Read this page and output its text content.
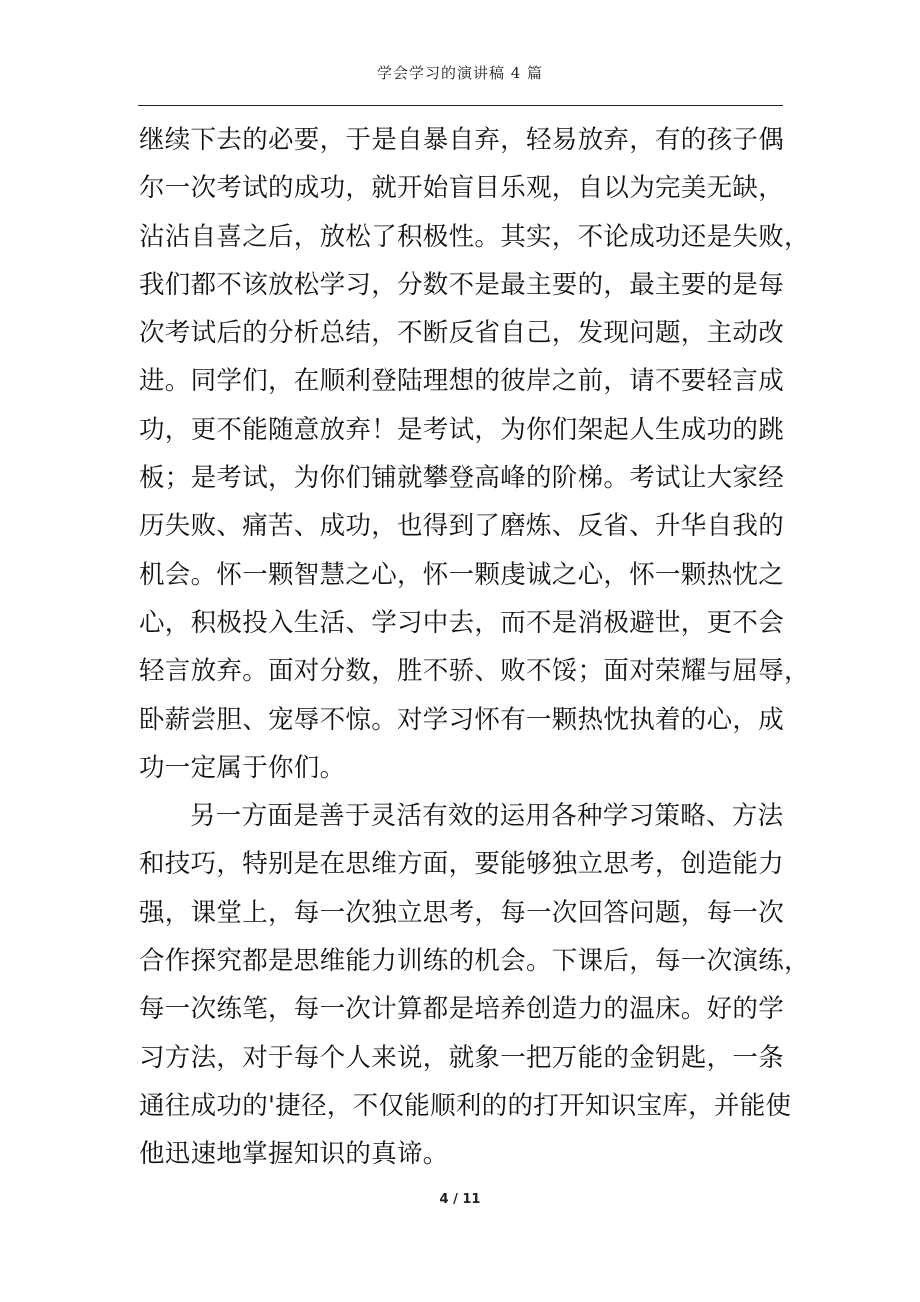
学会学习的演讲稿 4 篇
继续下去的必要，于是自暴自弃，轻易放弃，有的孩子偶
尔一次考试的成功，就开始盲目乐观，自以为完美无缺，
沾沾自喜之后，放松了积极性。其实，不论成功还是失败，
我们都不该放松学习，分数不是最主要的，最主要的是每
次考试后的分析总结，不断反省自己，发现问题，主动改
进。同学们，在顺利登陆理想的彼岸之前，请不要轻言成
功，更不能随意放弃！是考试，为你们架起人生成功的跳
板；是考试，为你们铺就攀登高峰的阶梯。考试让大家经
历失败、痛苦、成功，也得到了磨炼、反省、升华自我的
机会。怀一颗智慧之心，怀一颗虔诚之心，怀一颗热忱之
心，积极投入生活、学习中去，而不是消极避世，更不会
轻言放弃。面对分数，胜不骄、败不馁；面对荣耀与屈辱，
卧薪尝胆、宠辱不惊。对学习怀有一颗热忱执着的心，成
功一定属于你们。
另一方面是善于灵活有效的运用各种学习策略、方法
和技巧，特别是在思维方面，要能够独立思考，创造能力
强，课堂上，每一次独立思考，每一次回答问题，每一次
合作探究都是思维能力训练的机会。下课后，每一次演练，
每一次练笔，每一次计算都是培养创造力的温床。好的学
习方法，对于每个人来说，就象一把万能的金钥匙，一条
通往成功的'捷径，不仅能顺利的的打开知识宝库，并能使
他迅速地掌握知识的真谛。
4 / 11
